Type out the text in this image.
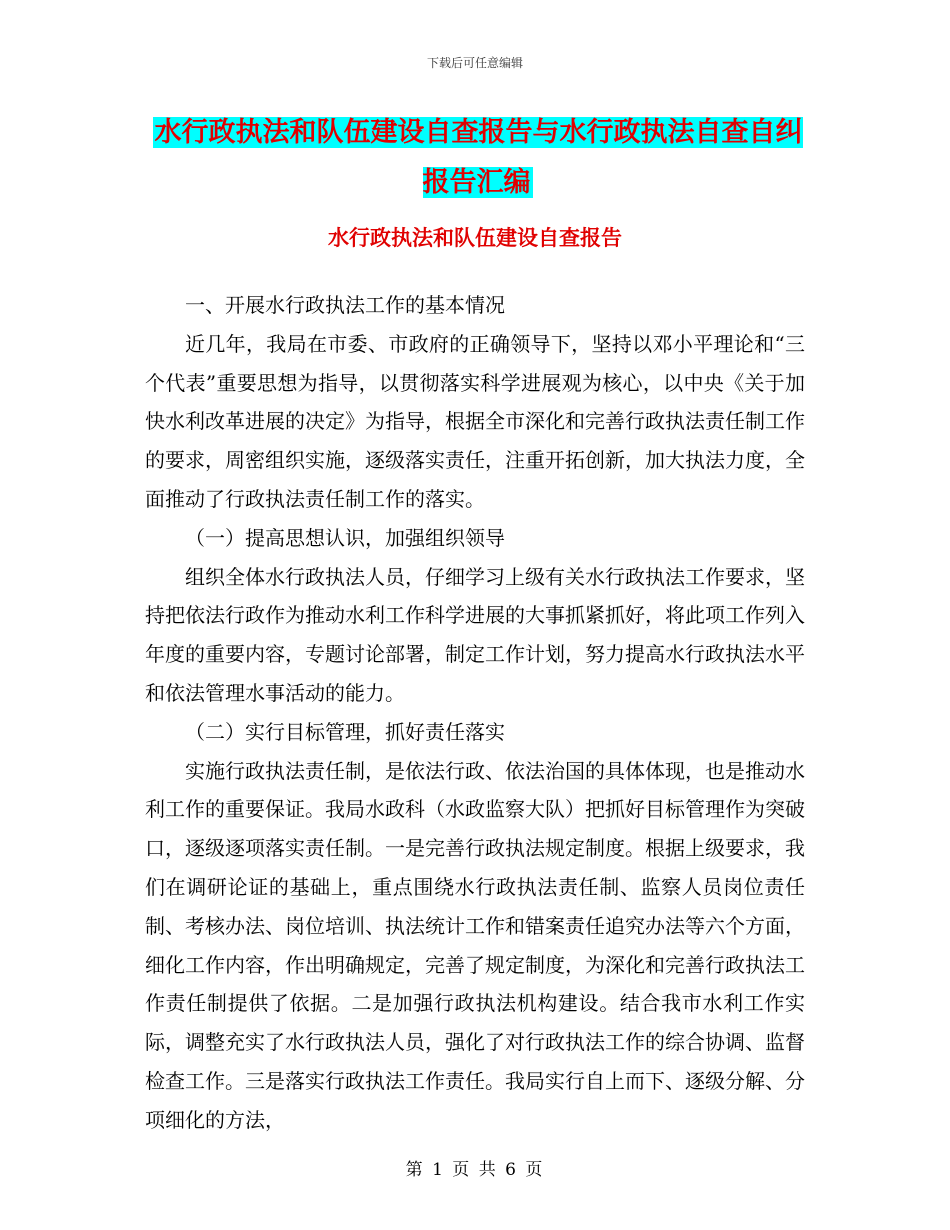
下载后可任意编辑
水行政执法和队伍建设自查报告与水行政执法自查自纠报告汇编
水行政执法和队伍建设自查报告

一、开展水行政执法工作的基本情况

近几年，我局在市委、市政府的正确领导下，坚持以邓小平理论和“三个代表”重要思想为指导，以贯彻落实科学进展观为核心，以中央《关于加快水利改革进展的决定》为指导，根据全市深化和完善行政执法责任制工作的要求，周密组织实施，逐级落实责任，注重开拓创新，加大执法力度，全面推动了行政执法责任制工作的落实。

（一）提高思想认识，加强组织领导

组织全体水行政执法人员，仔细学习上级有关水行政执法工作要求，坚持把依法行政作为推动水利工作科学进展的大事抓紧抓好，将此项工作列入年度的重要内容，专题讨论部署，制定工作计划，努力提高水行政执法水平和依法管理水事活动的能力。

（二）实行目标管理，抓好责任落实

实施行政执法责任制，是依法行政、依法治国的具体体现，也是推动水利工作的重要保证。我局水政科（水政监察大队）把抓好目标管理作为突破口，逐级逐项落实责任制。一是完善行政执法规定制度。根据上级要求，我们在调研论证的基础上，重点围绕水行政执法责任制、监察人员岗位责任制、考核办法、岗位培训、执法统计工作和错案责任追究办法等六个方面，细化工作内容，作出明确规定，完善了规定制度，为深化和完善行政执法工作责任制提供了依据。二是加强行政执法机构建设。结合我市水利工作实际，调整充实了水行政执法人员，强化了对行政执法工作的综合协调、监督检查工作。三是落实行政执法工作责任。我局实行自上而下、逐级分解、分项细化的方法，

第 1 页 共 6 页
